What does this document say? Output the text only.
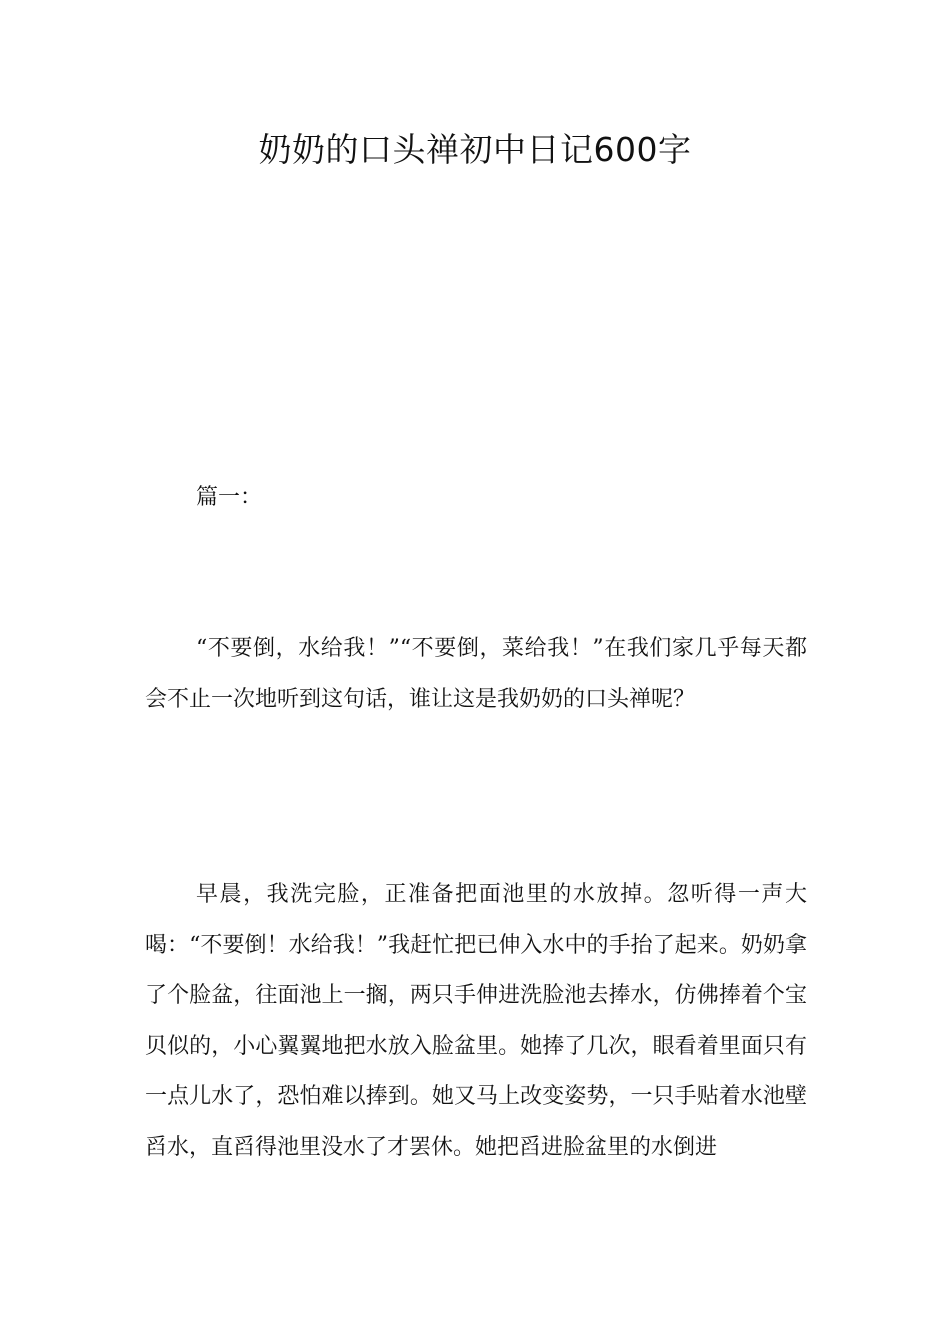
奶奶的口头禅初中日记600字

篇一：

“不要倒，水给我！”“不要倒，菜给我！”在我们家几乎每天都会不止一次地听到这句话，谁让这是我奶奶的口头禅呢？

早晨，我洗完脸，正准备把面池里的水放掉。忽听得一声大喝：“不要倒！水给我！”我赶忙把已伸入水中的手抬了起来。奶奶拿了个脸盆，往面池上一搁，两只手伸进洗脸池去捧水，仿佛捧着个宝贝似的，小心翼翼地把水放入脸盆里。她捧了几次，眼看着里面只有一点儿水了，恐怕难以捧到。她又马上改变姿势，一只手贴着水池壁舀水，直舀得池里没水了才罢休。她把舀进脸盆里的水倒进
